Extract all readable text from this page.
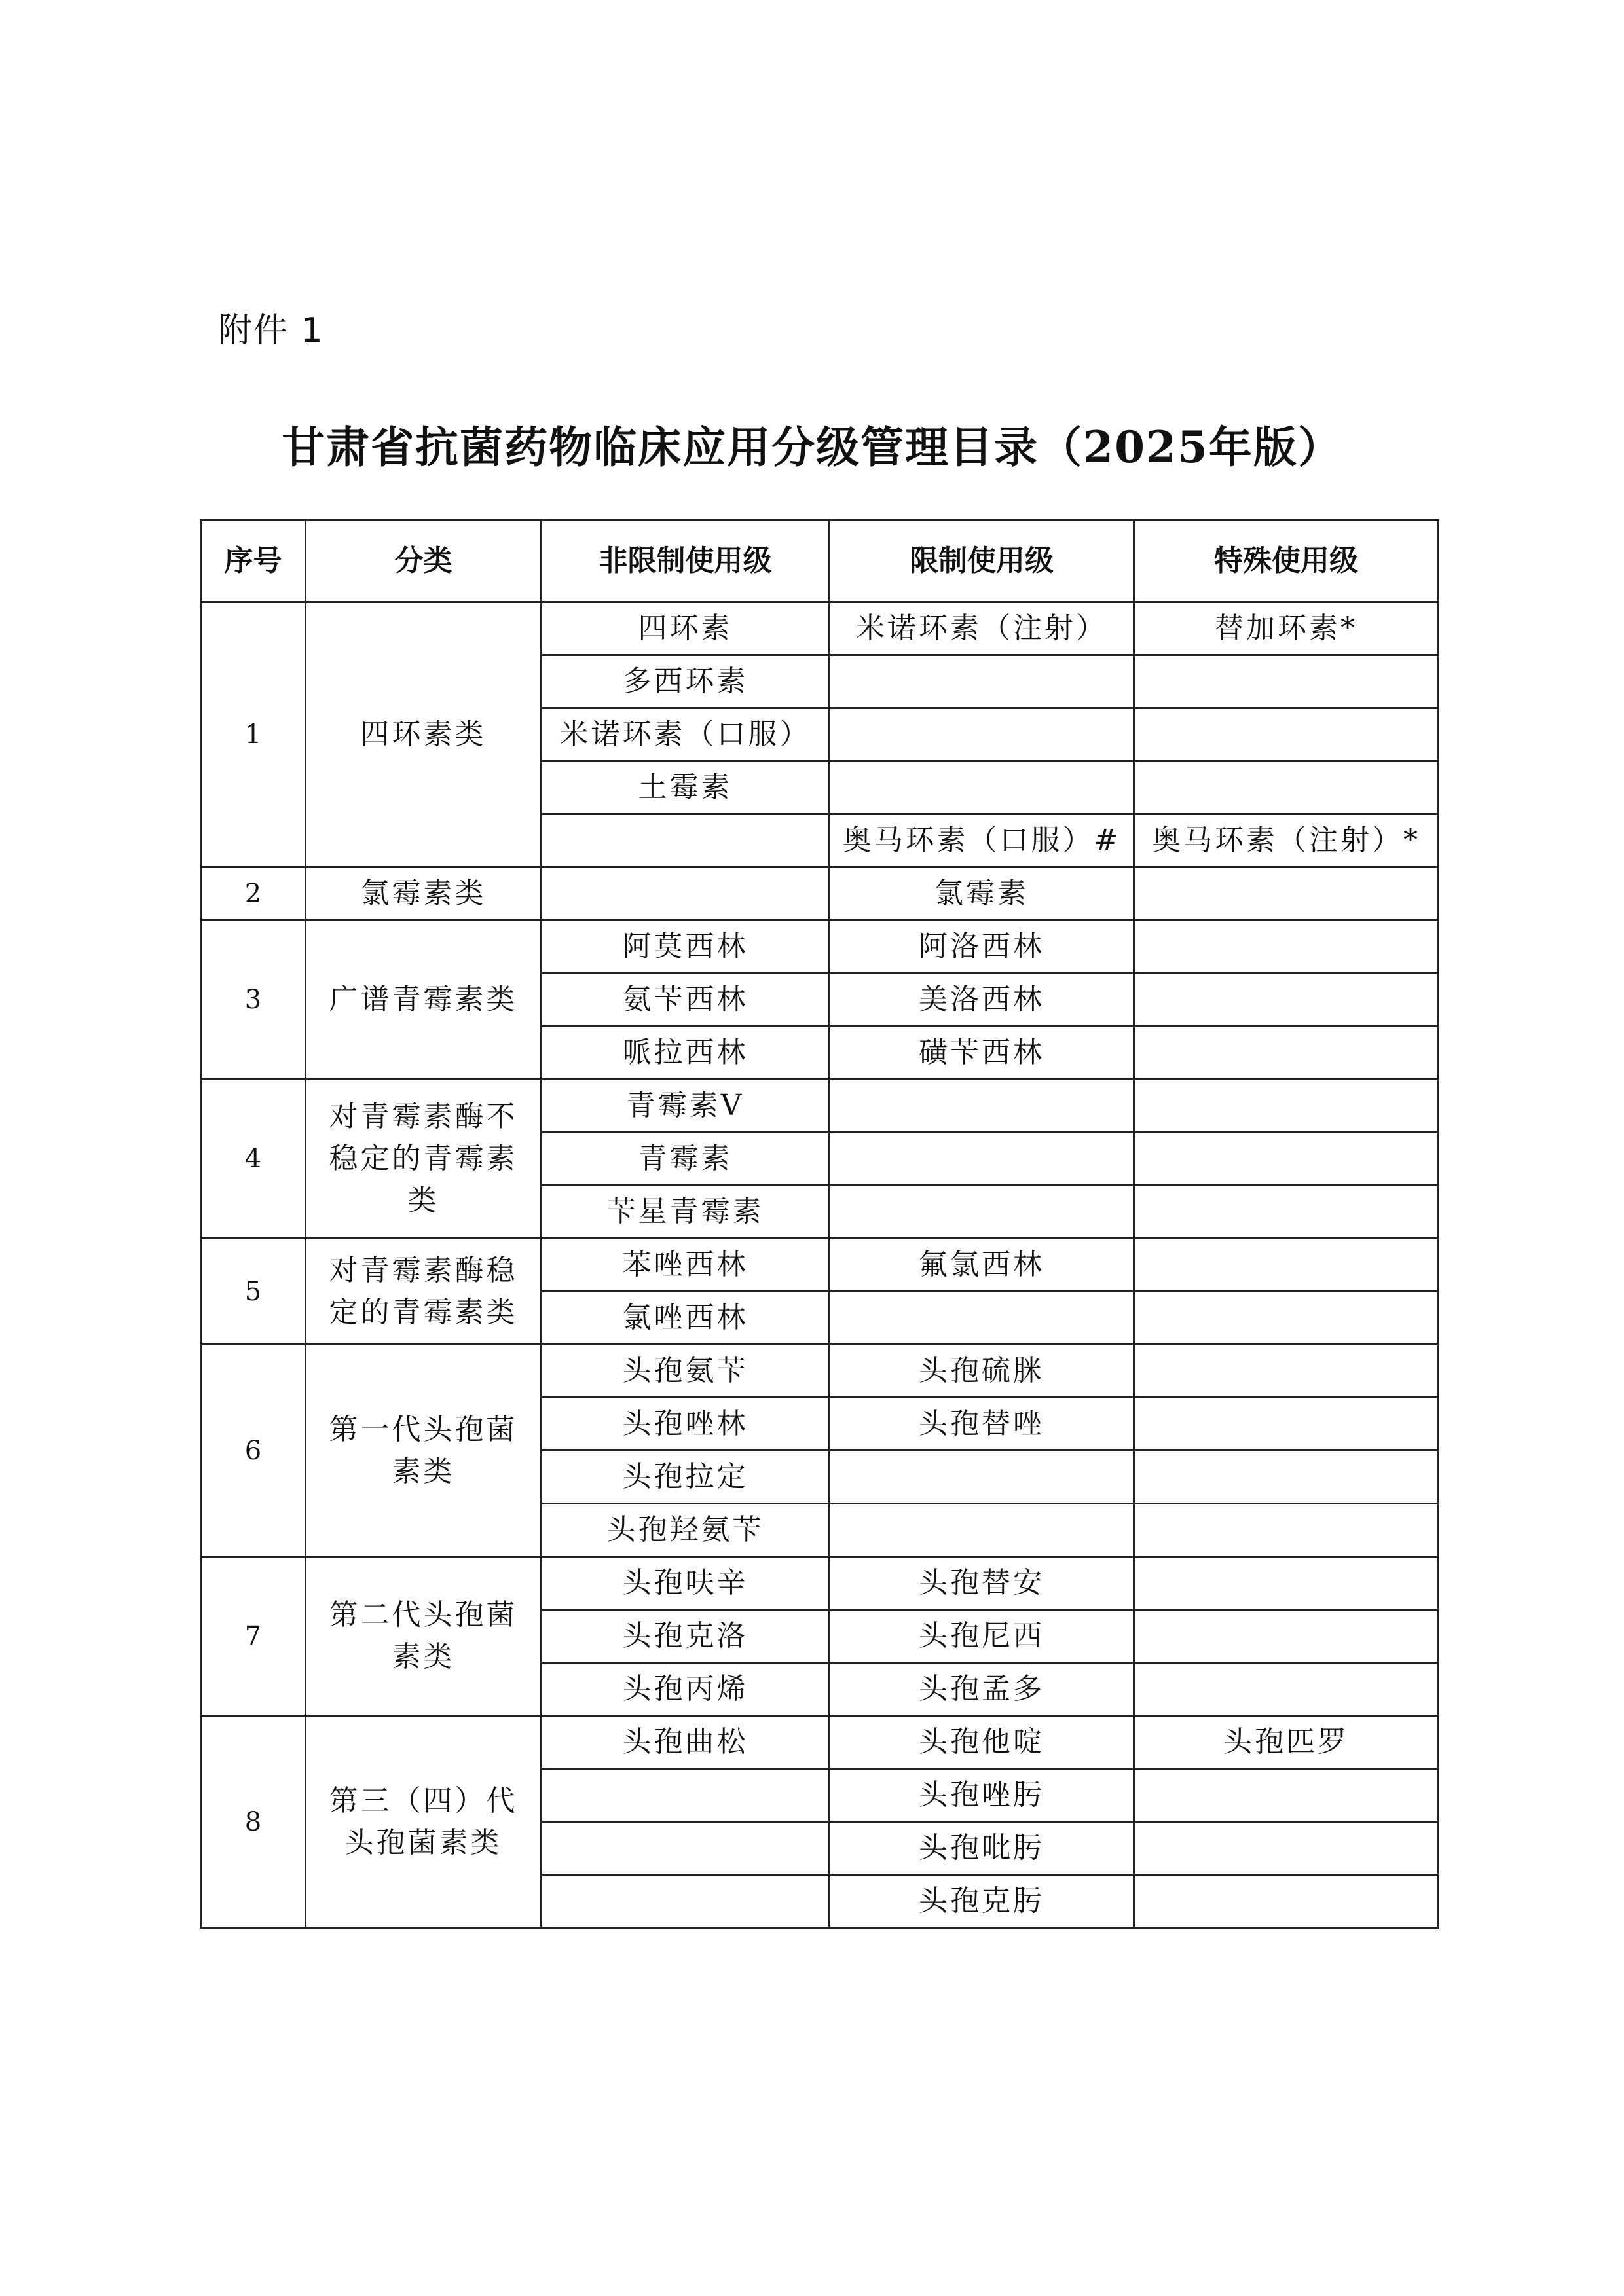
附件 1
甘肃省抗菌药物临床应用分级管理目录（2025年版）
序号	分类	非限制使用级	限制使用级	特殊使用级
1	四环素类	四环素	米诺环素（注射）	替加环素*
		多西环素		
		米诺环素（口服）		
		土霉素		
			奥马环素（口服）#	奥马环素（注射）*
2	氯霉素类		氯霉素	
3	广谱青霉素类	阿莫西林	阿洛西林	
		氨苄西林	美洛西林	
		哌拉西林	磺苄西林	
4	对青霉素酶不稳定的青霉素类	青霉素V		
		青霉素		
		苄星青霉素		
5	对青霉素酶稳定的青霉素类	苯唑西林	氟氯西林	
		氯唑西林		
6	第一代头孢菌素类	头孢氨苄	头孢硫脒	
		头孢唑林	头孢替唑	
		头孢拉定		
		头孢羟氨苄		
7	第二代头孢菌素类	头孢呋辛	头孢替安	
		头孢克洛	头孢尼西	
		头孢丙烯	头孢孟多	
8	第三（四）代头孢菌素类	头孢曲松	头孢他啶	头孢匹罗
			头孢唑肟	
			头孢吡肟	
			头孢克肟	
